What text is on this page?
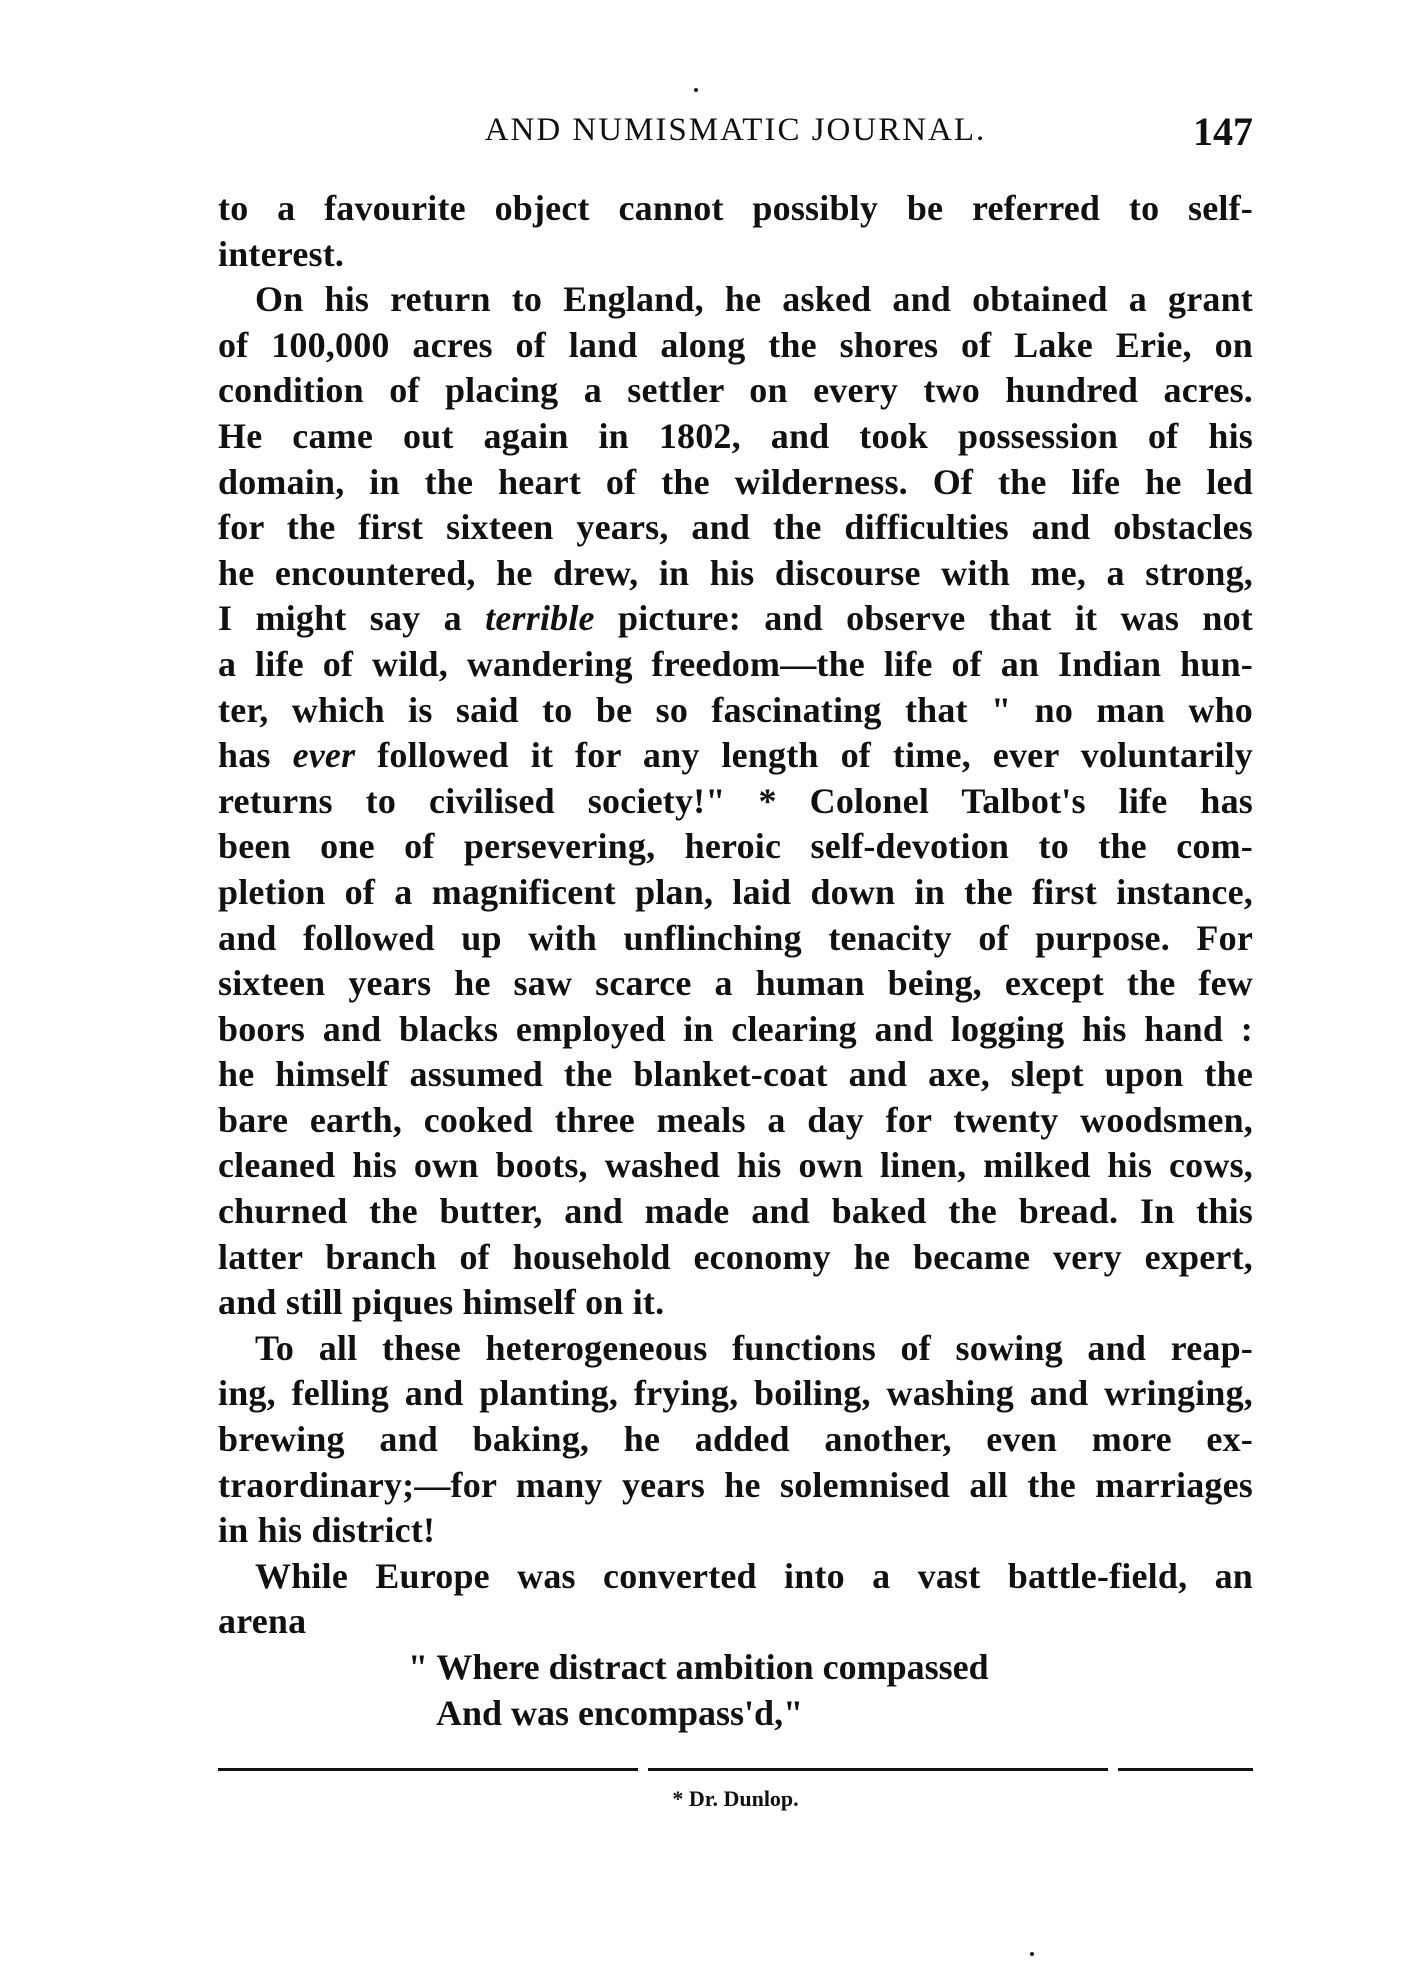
AND NUMISMATIC JOURNAL.	147
to a favourite object cannot possibly be referred to self-
interest.
On his return to England, he asked and obtained a grant
of 100,000 acres of land along the shores of Lake Erie, on
condition of placing a settler on every two hundred acres.
He came out again in 1802, and took possession of his
domain, in the heart of the wilderness. Of the life he led
for the first sixteen years, and the difficulties and obstacles
he encountered, he drew, in his discourse with me, a strong,
I might say a terrible picture: and observe that it was not
a life of wild, wandering freedom—the life of an Indian hun-
ter, which is said to be so fascinating that " no man who
has ever followed it for any length of time, ever voluntarily
returns to civilised society!" * Colonel Talbot's life has
been one of persevering, heroic self-devotion to the com-
pletion of a magnificent plan, laid down in the first instance,
and followed up with unflinching tenacity of purpose. For
sixteen years he saw scarce a human being, except the few
boors and blacks employed in clearing and logging his hand :
he himself assumed the blanket-coat and axe, slept upon the
bare earth, cooked three meals a day for twenty woodsmen,
cleaned his own boots, washed his own linen, milked his cows,
churned the butter, and made and baked the bread. In this
latter branch of household economy he became very expert,
and still piques himself on it.
To all these heterogeneous functions of sowing and reap-
ing, felling and planting, frying, boiling, washing and wringing,
brewing and baking, he added another, even more ex-
traordinary;—for many years he solemnised all the marriages
in his district!
While Europe was converted into a vast battle-field, an
arena
" Where distract ambition compassed
And was encompass'd,"
* Dr. Dunlop.
